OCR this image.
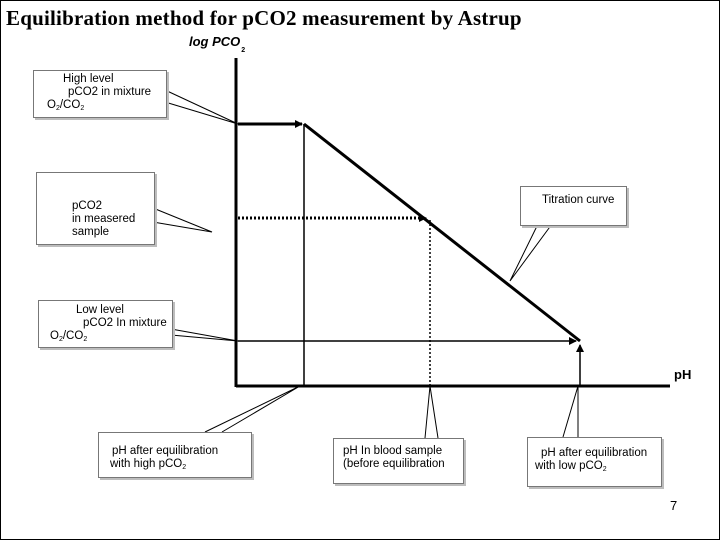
Equilibration method for pCO2 measurement by Astrup
$\log PCO_2$
pH
High level
pCO2 in mixture
$O_2/CO_2$
pCO2
in measered
sample
Low level
pCO2 In mixture
$O_2/CO_2$
Titration curve
pH after equilibration
with high pCO$_2$
pH In blood sample
(before equilibration
pH after equilibration
with low pCO$_2$
7
